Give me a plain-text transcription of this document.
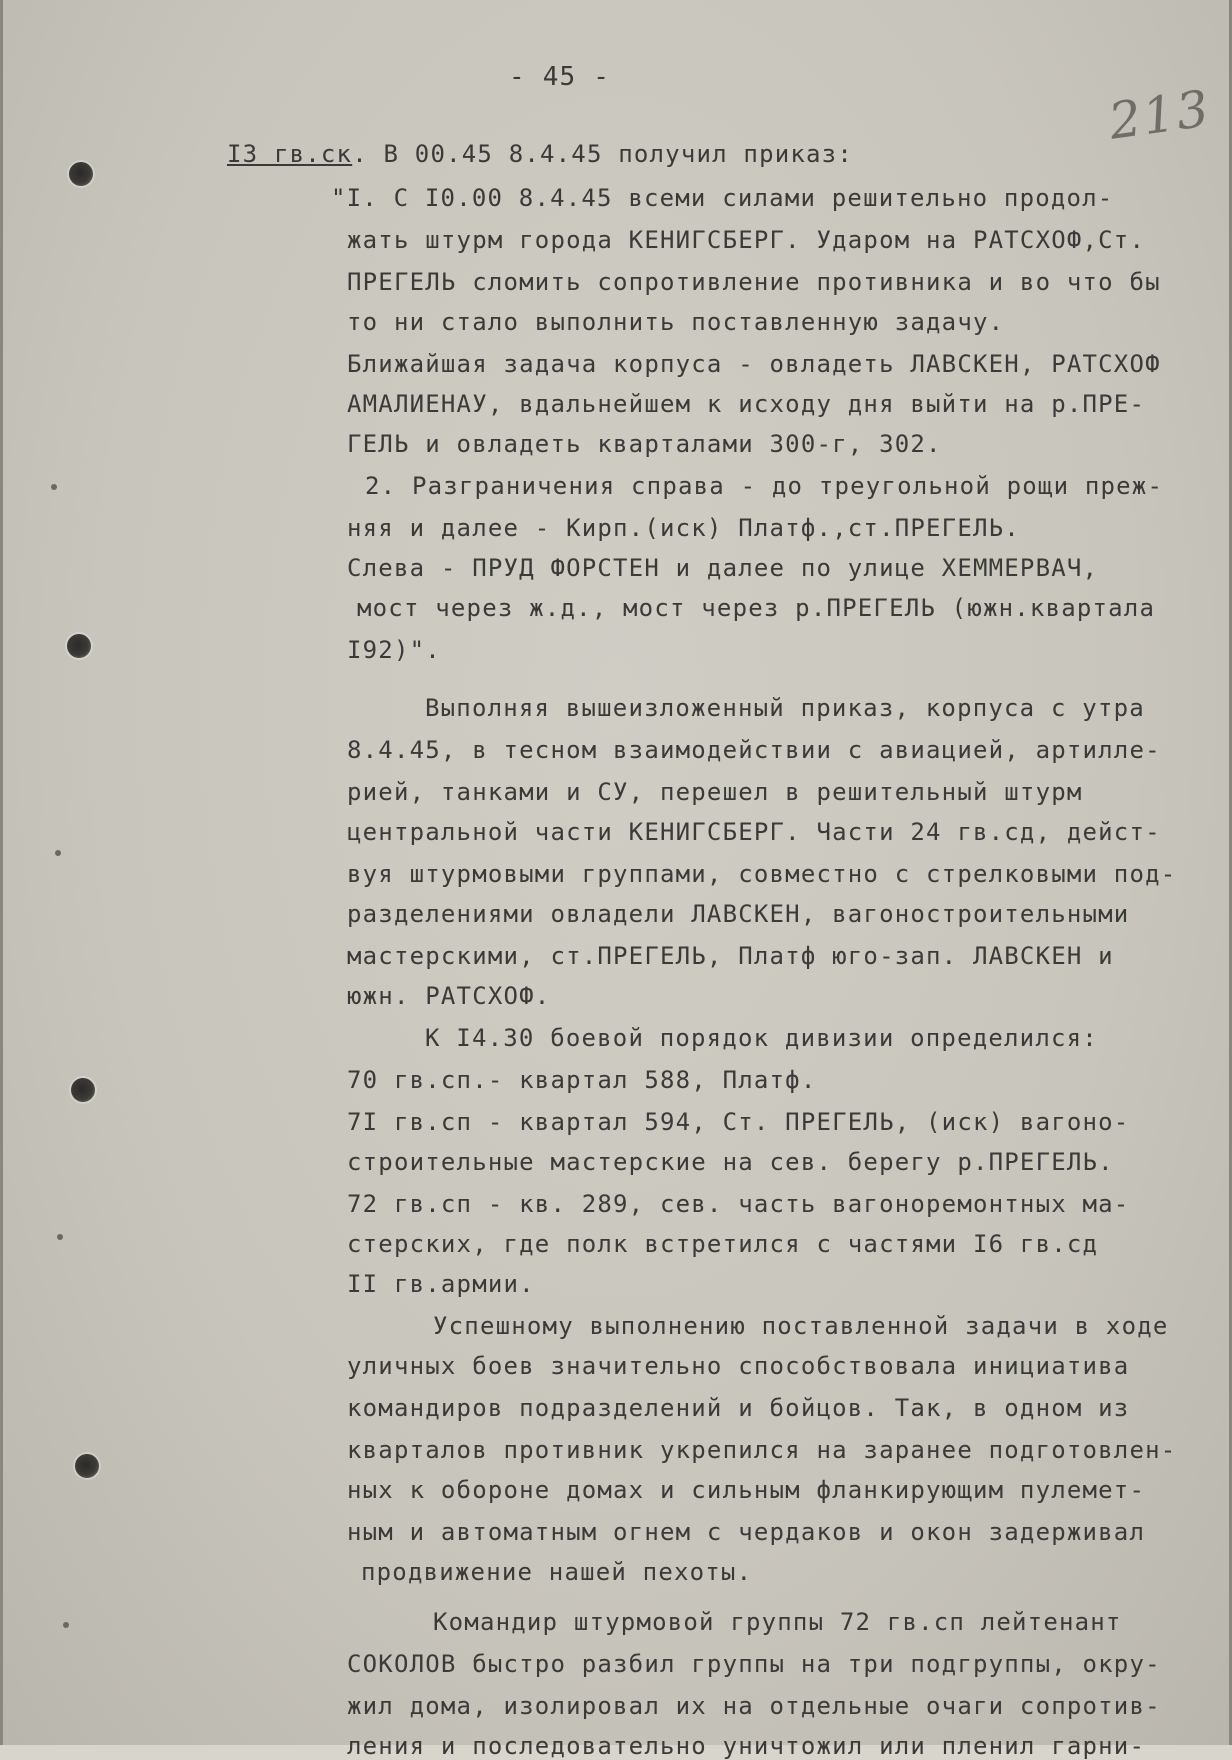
- 45 -
213
I3 гв.ск. В 00.45 8.4.45 получил приказ:
"I. С I0.00 8.4.45 всеми силами решительно продол-
жать штурм города КЕНИГСБЕРГ. Ударом на РАТСХОФ,Ст.
ПРЕГЕЛЬ сломить сопротивление противника и во что бы
то ни стало выполнить поставленную задачу.
Ближайшая задача корпуса - овладеть ЛАВСКЕН, РАТСХОФ
АМАЛИЕНАУ, вдальнейшем к исходу дня выйти на р.ПРЕ-
ГЕЛЬ и овладеть кварталами 300-г, 302.
2. Разграничения справа - до треугольной рощи преж-
няя и далее - Кирп.(иск) Платф.,ст.ПРЕГЕЛЬ.
Слева - ПРУД ФОРСТЕН и далее по улице ХЕММЕРВАЧ,
мост через ж.д., мост через р.ПРЕГЕЛЬ (южн.квартала
I92)".
Выполняя вышеизложенный приказ, корпуса с утра
8.4.45, в тесном взаимодействии с авиацией, артилле-
рией, танками и СУ, перешел в решительный штурм
центральной части КЕНИГСБЕРГ. Части 24 гв.сд, дейст-
вуя штурмовыми группами, совместно с стрелковыми под-
разделениями овладели ЛАВСКЕН, вагоностроительными
мастерскими, ст.ПРЕГЕЛЬ, Платф юго-зап. ЛАВСКЕН и
южн. РАТСХОФ.
К I4.30 боевой порядок дивизии определился:
70 гв.сп.- квартал 588, Платф.
7I гв.сп - квартал 594, Ст. ПРЕГЕЛЬ, (иск) вагоно-
строительные мастерские на сев. берегу р.ПРЕГЕЛЬ.
72 гв.сп - кв. 289, сев. часть вагоноремонтных ма-
стерских, где полк встретился с частями I6 гв.сд
II гв.армии.
Успешному выполнению поставленной задачи в ходе
уличных боев значительно способствовала инициатива
командиров подразделений и бойцов. Так, в одном из
кварталов противник укрепился на заранее подготовлен-
ных к обороне домах и сильным фланкирующим пулемет-
ным и автоматным огнем с чердаков и окон задерживал
продвижение нашей пехоты.
Командир штурмовой группы 72 гв.сп лейтенант
СОКОЛОВ быстро разбил группы на три подгруппы, окру-
жил дома, изолировал их на отдельные очаги сопротив-
ления и последовательно уничтожил или пленил гарни-
